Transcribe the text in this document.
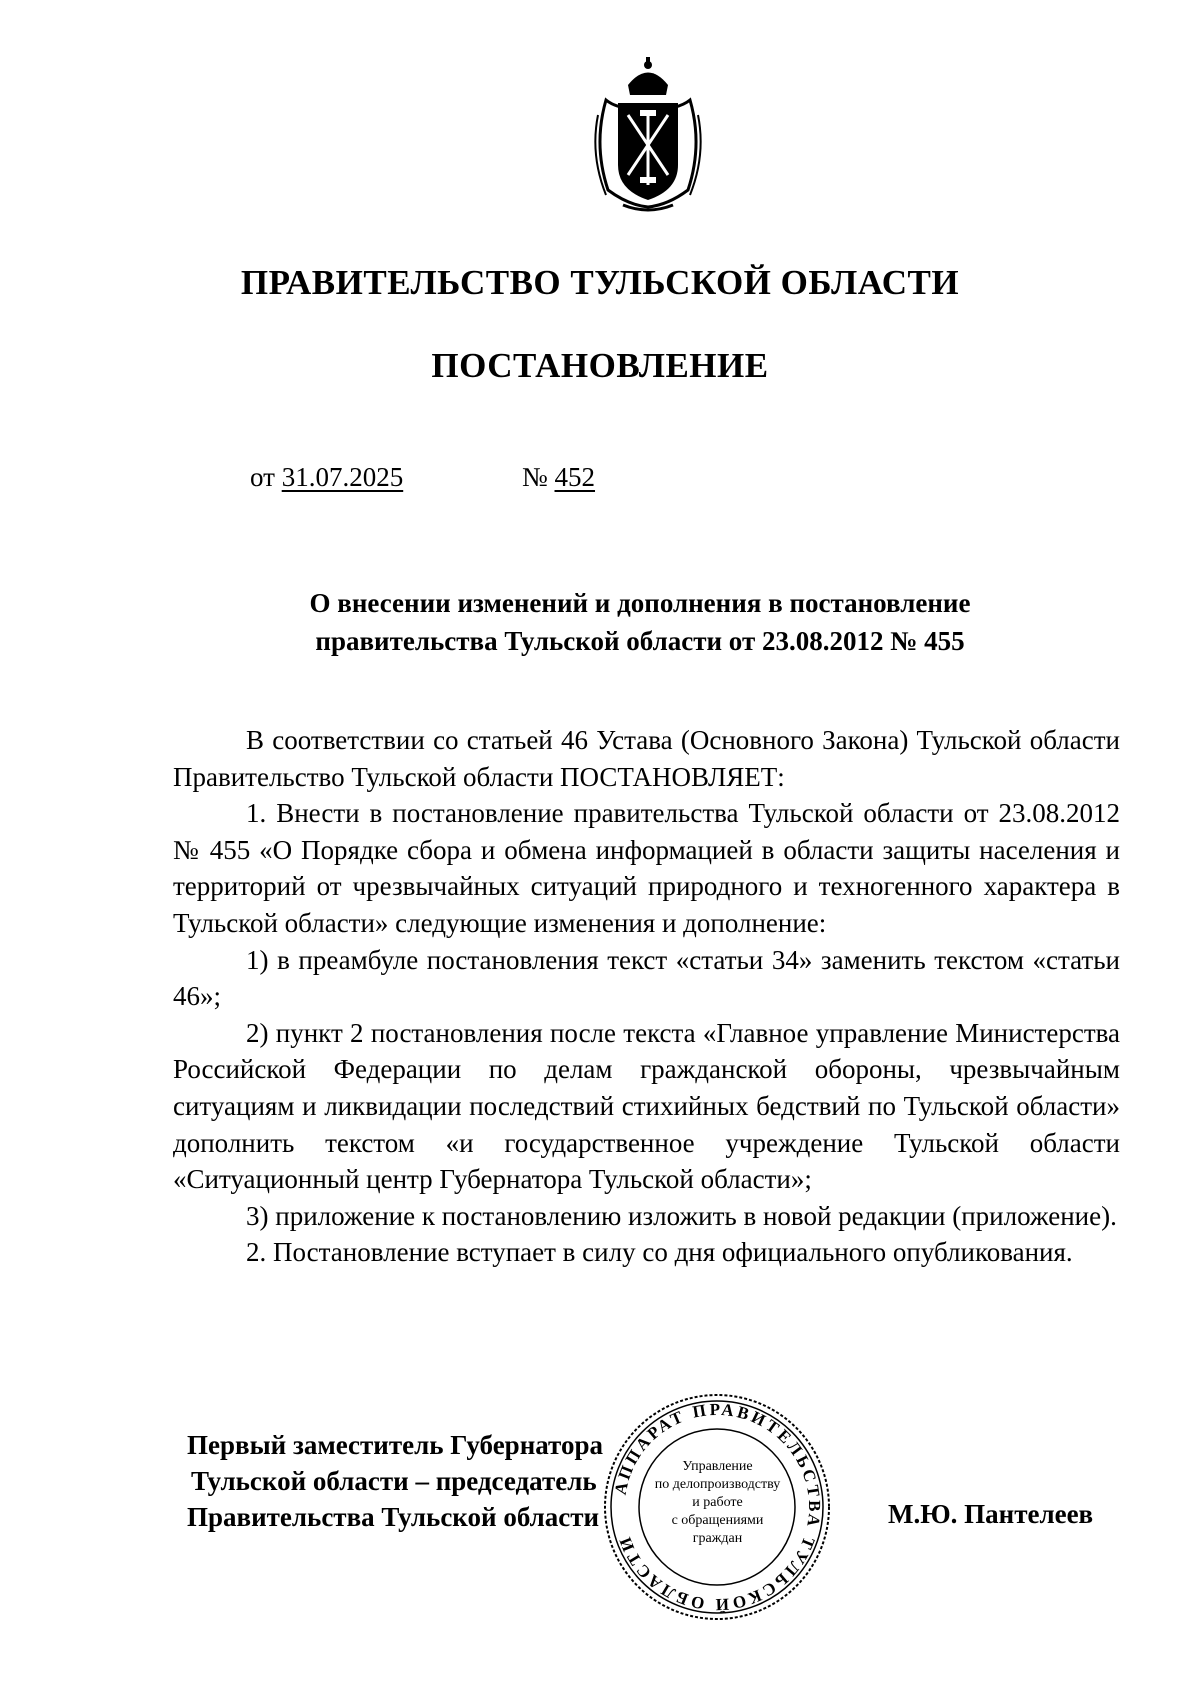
ПРАВИТЕЛЬСТВО ТУЛЬСКОЙ ОБЛАСТИ
ПОСТАНОВЛЕНИЕ
от 31.07.2025	№ 452
О внесении изменений и дополнения в постановление
правительства Тульской области от 23.08.2012 № 455

В соответствии со статьей 46 Устава (Основного Закона) Тульской области Правительство Тульской области ПОСТАНОВЛЯЕТ:

1. Внести в постановление правительства Тульской области от 23.08.2012 № 455 «О Порядке сбора и обмена информацией в области защиты населения и территорий от чрезвычайных ситуаций природного и техногенного характера в Тульской области» следующие изменения и дополнение:

1) в преамбуле постановления текст «статьи 34» заменить текстом «статьи 46»;

2) пункт 2 постановления после текста «Главное управление Министерства Российской Федерации по делам гражданской обороны, чрезвычайным ситуациям и ликвидации последствий стихийных бедствий по Тульской области» дополнить текстом «и государственное учреждение Тульской области «Ситуационный центр Губернатора Тульской области»;

3) приложение к постановлению изложить в новой редакции (приложение).

2. Постановление вступает в силу со дня официального опубликования.

АППАРАТ ПРАВИТЕЛЬСТВА ТУЛЬСКОЙ ОБЛАСТИ
Управление
по делопроизводству
и работе
с обращениями
граждан
Первый заместитель Губернатора
Тульской области – председатель
Правительства Тульской области	М.Ю. Пантелеев
